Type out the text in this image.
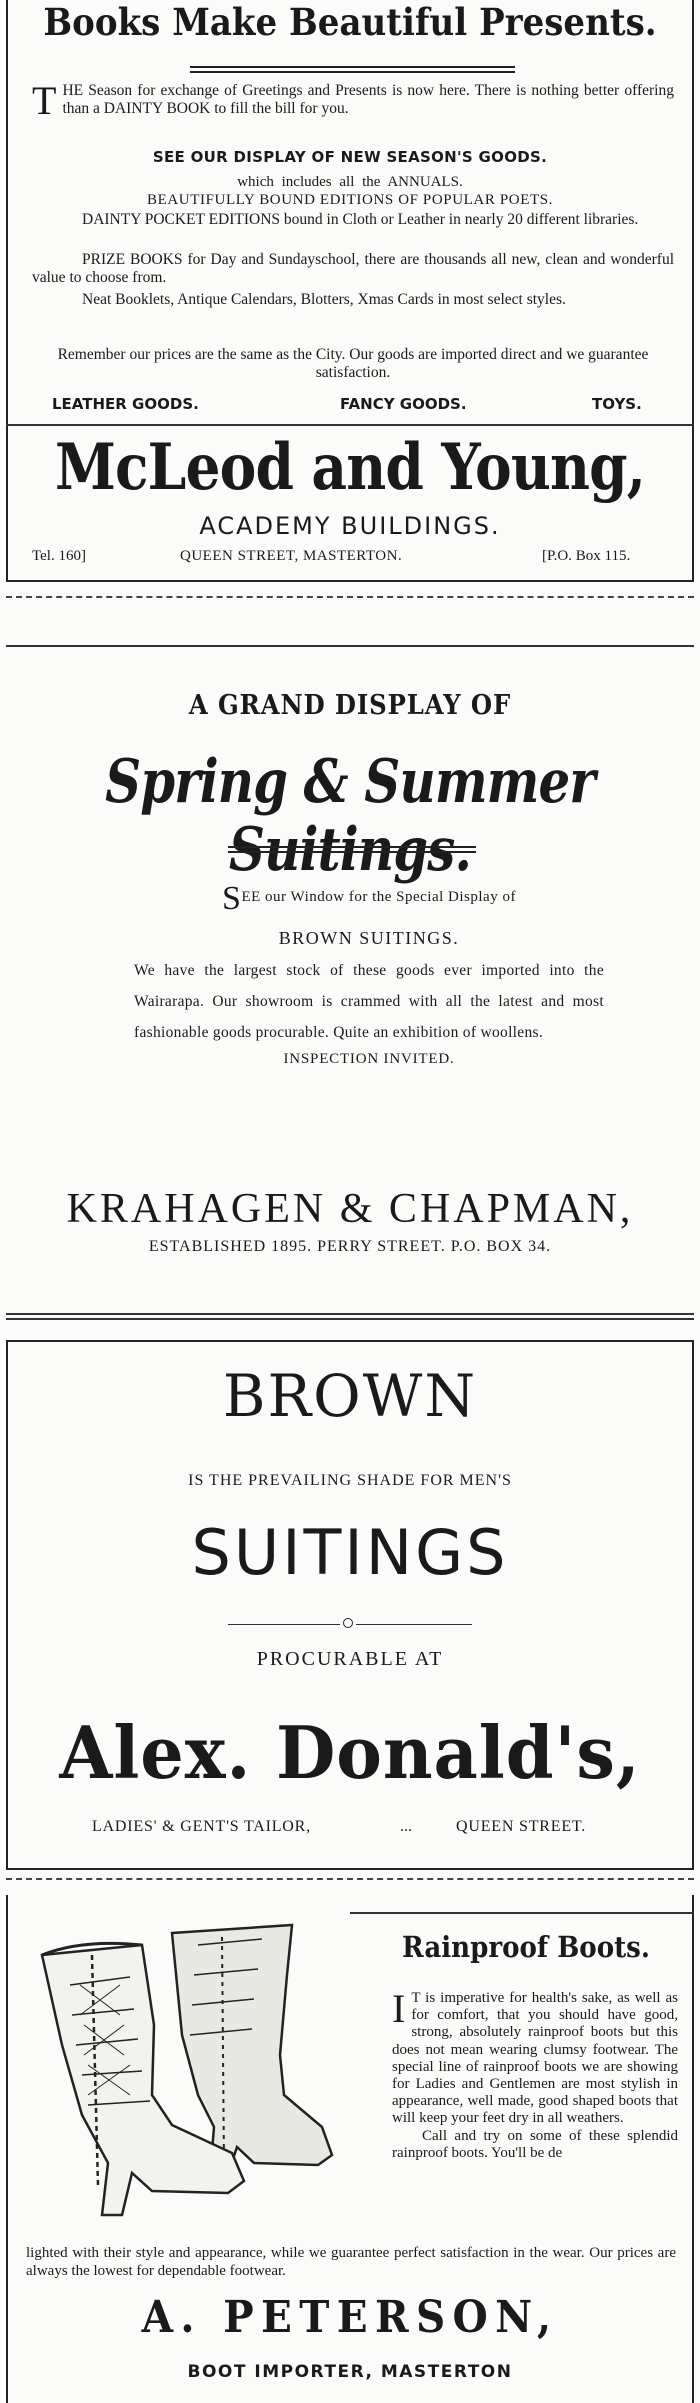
Books Make Beautiful Presents.
T HE Season for exchange of Greetings and Presents is now here. There is nothing better offering than a DAINTY BOOK to fill the bill for you.

SEE OUR DISPLAY OF NEW SEASON'S GOODS.
which includes all the ANNUALS.
BEAUTIFULLY BOUND EDITIONS OF POPULAR POETS.

DAINTY POCKET EDITIONS bound in Cloth or Leather in nearly 20 different libraries.

PRIZE BOOKS for Day and Sundayschool, there are thousands all new, clean and wonderful value to choose from.

Neat Booklets, Antique Calendars, Blotters, Xmas Cards in most select styles.

Remember our prices are the same as the City. Our goods are imported direct and we guarantee satisfaction.

LEATHER GOODS.	FANCY GOODS.	TOYS.
McLeod and Young,
ACADEMY BUILDINGS.
Tel. 160]	QUEEN STREET, MASTERTON.	[P.O. Box 115.
A GRAND DISPLAY OF
Spring & Summer Suitings.
SEE our Window for the Special Display of
BROWN SUITINGS.

We have the largest stock of these goods ever imported into the Wairarapa. Our showroom is crammed with all the latest and most fashionable goods procurable. Quite an exhibition of woollens.

INSPECTION INVITED.
KRAHAGEN & CHAPMAN,
ESTABLISHED 1895. PERRY STREET. P.O. BOX 34.
BROWN
IS THE PREVAILING SHADE FOR MEN'S
SUITINGS
PROCURABLE AT
Alex. Donald's,
LADIES' & GENT'S TAILOR,	...	QUEEN STREET.
Rainproof Boots.
I T is imperative for health's sake, as well as for comfort, that you should have good, strong, absolutely rainproof boots but this does not mean wearing clumsy footwear. The special line of rainproof boots we are showing for Ladies and Gentlemen are most stylish in appearance, well made, good shaped boots that will keep your feet dry in all weathers.

Call and try on some of these splendid rainproof boots. You'll be de

lighted with their style and appearance, while we guarantee perfect satisfaction in the wear. Our prices are always the lowest for dependable footwear.

A. PETERSON,
BOOT IMPORTER, MASTERTON
